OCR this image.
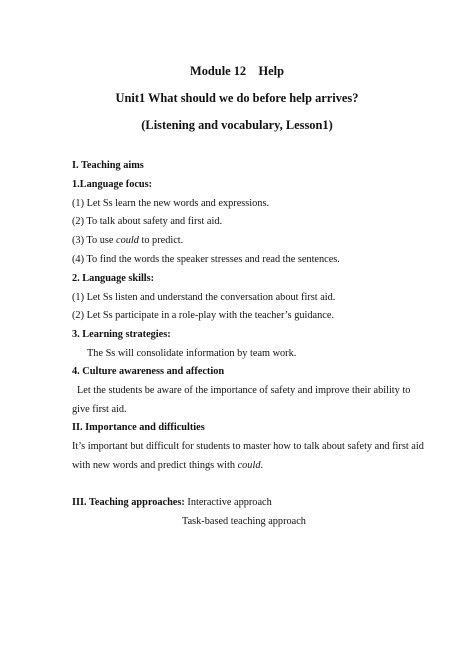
Module 12    Help
Unit1 What should we do before help arrives?
(Listening and vocabulary, Lesson1)
I. Teaching aims
1.Language focus:
(1) Let Ss learn the new words and expressions.
(2) To talk about safety and first aid.
(3) To use could to predict.
(4) To find the words the speaker stresses and read the sentences.
2. Language skills:
(1) Let Ss listen and understand the conversation about first aid.
(2) Let Ss participate in a role-play with the teacher’s guidance.
3. Learning strategies:
The Ss will consolidate information by team work.
4. Culture awareness and affection
Let the students be aware of the importance of safety and improve their ability to
give first aid.
II. Importance and difficulties
It’s important but difficult for students to master how to talk about safety and first aid
with new words and predict things with could.
III. Teaching approaches: Interactive approach
Task-based teaching approach
